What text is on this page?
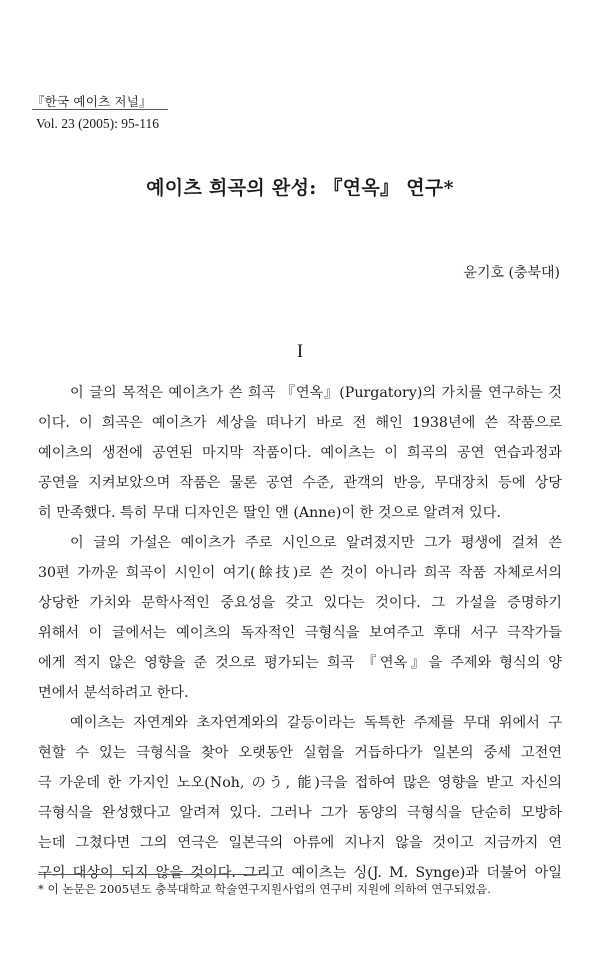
『한국 예이츠 저널』
Vol. 23 (2005): 95-116
예이츠 희곡의 완성: 『연옥』 연구*
윤기호 (충북대)
I
이 글의 목적은 예이츠가 쓴 희곡 『연옥』(Purgatory)의 가치를 연구하는 것
이다. 이 희곡은 예이츠가 세상을 떠나기 바로 전 해인 1938년에 쓴 작품으로
예이츠의 생전에 공연된 마지막 작품이다. 예이츠는 이 희곡의 공연 연습과정과
공연을 지켜보았으며 작품은 물론 공연 수준, 관객의 반응, 무대장치 등에 상당
히 만족했다. 특히 무대 디자인은 딸인 앤 (Anne)이 한 것으로 알려져 있다.
이 글의 가설은 예이츠가 주로 시인으로 알려졌지만 그가 평생에 걸쳐 쓴
30편 가까운 희곡이 시인이 여기(餘技)로 쓴 것이 아니라 희곡 작품 자체로서의
상당한 가치와 문학사적인 중요성을 갖고 있다는 것이다. 그 가설을 증명하기
위해서 이 글에서는 예이츠의 독자적인 극형식을 보여주고 후대 서구 극작가들
에게 적지 않은 영향을 준 것으로 평가되는 희곡 『연옥』을 주제와 형식의 양
면에서 분석하려고 한다.
예이츠는 자연계와 초자연계와의 갈등이라는 독특한 주제를 무대 위에서 구
현할 수 있는 극형식을 찾아 오랫동안 실험을 거듭하다가 일본의 중세 고전연
극 가운데 한 가지인 노오(Noh, のう, 能)극을 접하여 많은 영향을 받고 자신의
극형식을 완성했다고 알려져 있다. 그러나 그가 동양의 극형식을 단순히 모방하
는데 그쳤다면 그의 연극은 일본극의 아류에 지나지 않을 것이고 지금까지 연
구의 대상이 되지 않을 것이다. 그리고 예이츠는 싱(J. M. Synge)과 더불어 아일
* 이 논문은 2005년도 충북대학교 학술연구지원사업의 연구비 지원에 의하여 연구되었음.
